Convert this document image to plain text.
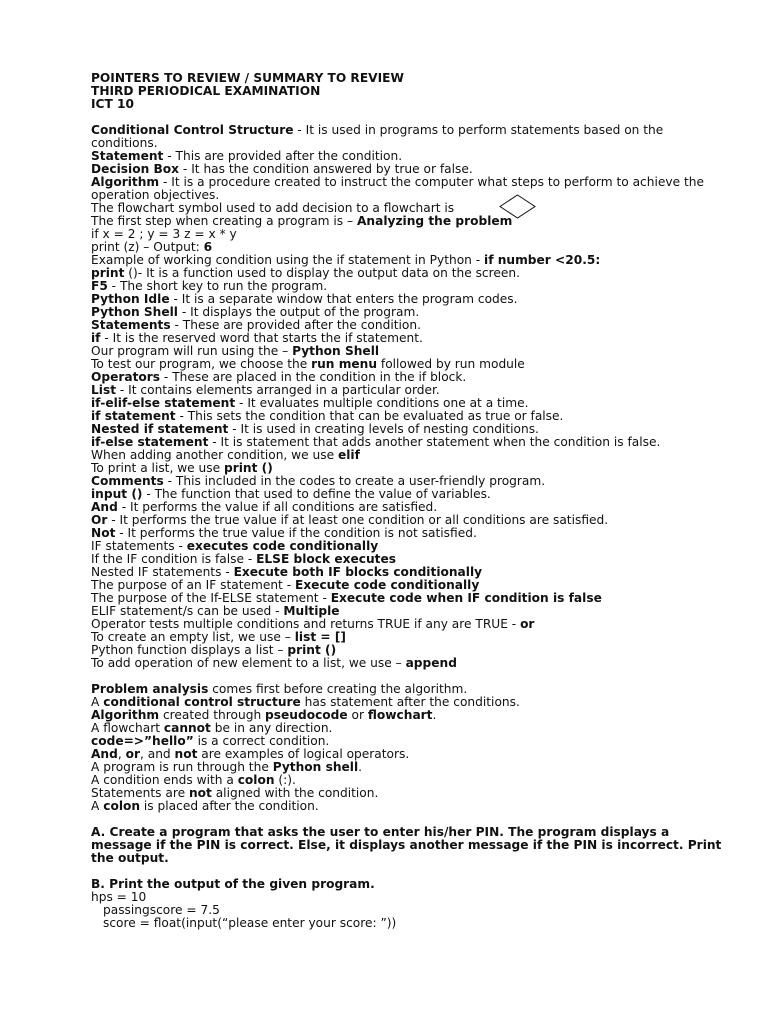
POINTERS TO REVIEW / SUMMARY TO REVIEW
THIRD PERIODICAL EXAMINATION
ICT 10
Conditional Control Structure - It is used in programs to perform statements based on the conditions.
Statement - This are provided after the condition.
Decision Box - It has the condition answered by true or false.
Algorithm - It is a procedure created to instruct the computer what steps to perform to achieve the operation objectives.
The flowchart symbol used to add decision to a flowchart is
The first step when creating a program is – Analyzing the problem
if x = 2 ; y = 3 z = x * y
print (z) – Output: 6
Example of working condition using the if statement in Python - if number <20.5:
print ()- It is a function used to display the output data on the screen.
F5 - The short key to run the program.
Python Idle - It is a separate window that enters the program codes.
Python Shell - It displays the output of the program.
Statements - These are provided after the condition.
if - It is the reserved word that starts the if statement.
Our program will run using the – Python Shell
To test our program, we choose the run menu followed by run module
Operators - These are placed in the condition in the if block.
List - It contains elements arranged in a particular order.
if-elif-else statement - It evaluates multiple conditions one at a time.
if statement - This sets the condition that can be evaluated as true or false.
Nested if statement - It is used in creating levels of nesting conditions.
if-else statement - It is statement that adds another statement when the condition is false.
When adding another condition, we use elif
To print a list, we use print ()
Comments - This included in the codes to create a user-friendly program.
input () - The function that used to define the value of variables.
And - It performs the value if all conditions are satisfied.
Or - It performs the true value if at least one condition or all conditions are satisfied.
Not - It performs the true value if the condition is not satisfied.
IF statements - executes code conditionally
If the IF condition is false - ELSE block executes
Nested IF statements - Execute both IF blocks conditionally
The purpose of an IF statement - Execute code conditionally
The purpose of the If-ELSE statement - Execute code when IF condition is false
ELIF statement/s can be used - Multiple
Operator tests multiple conditions and returns TRUE if any are TRUE - or
To create an empty list, we use – list = []
Python function displays a list – print ()
To add operation of new element to a list, we use – append
Problem analysis comes first before creating the algorithm.
A conditional control structure has statement after the conditions.
Algorithm created through pseudocode or flowchart.
A flowchart cannot be in any direction.
code=>”hello” is a correct condition.
And, or, and not are examples of logical operators.
A program is run through the Python shell.
A condition ends with a colon (:).
Statements are not aligned with the condition.
A colon is placed after the condition.
A. Create a program that asks the user to enter his/her PIN. The program displays a message if the PIN is correct. Else, it displays another message if the PIN is incorrect. Print the output.
B. Print the output of the given program.
hps = 10
passingscore = 7.5
score = float(input(“please enter your score: ”))
